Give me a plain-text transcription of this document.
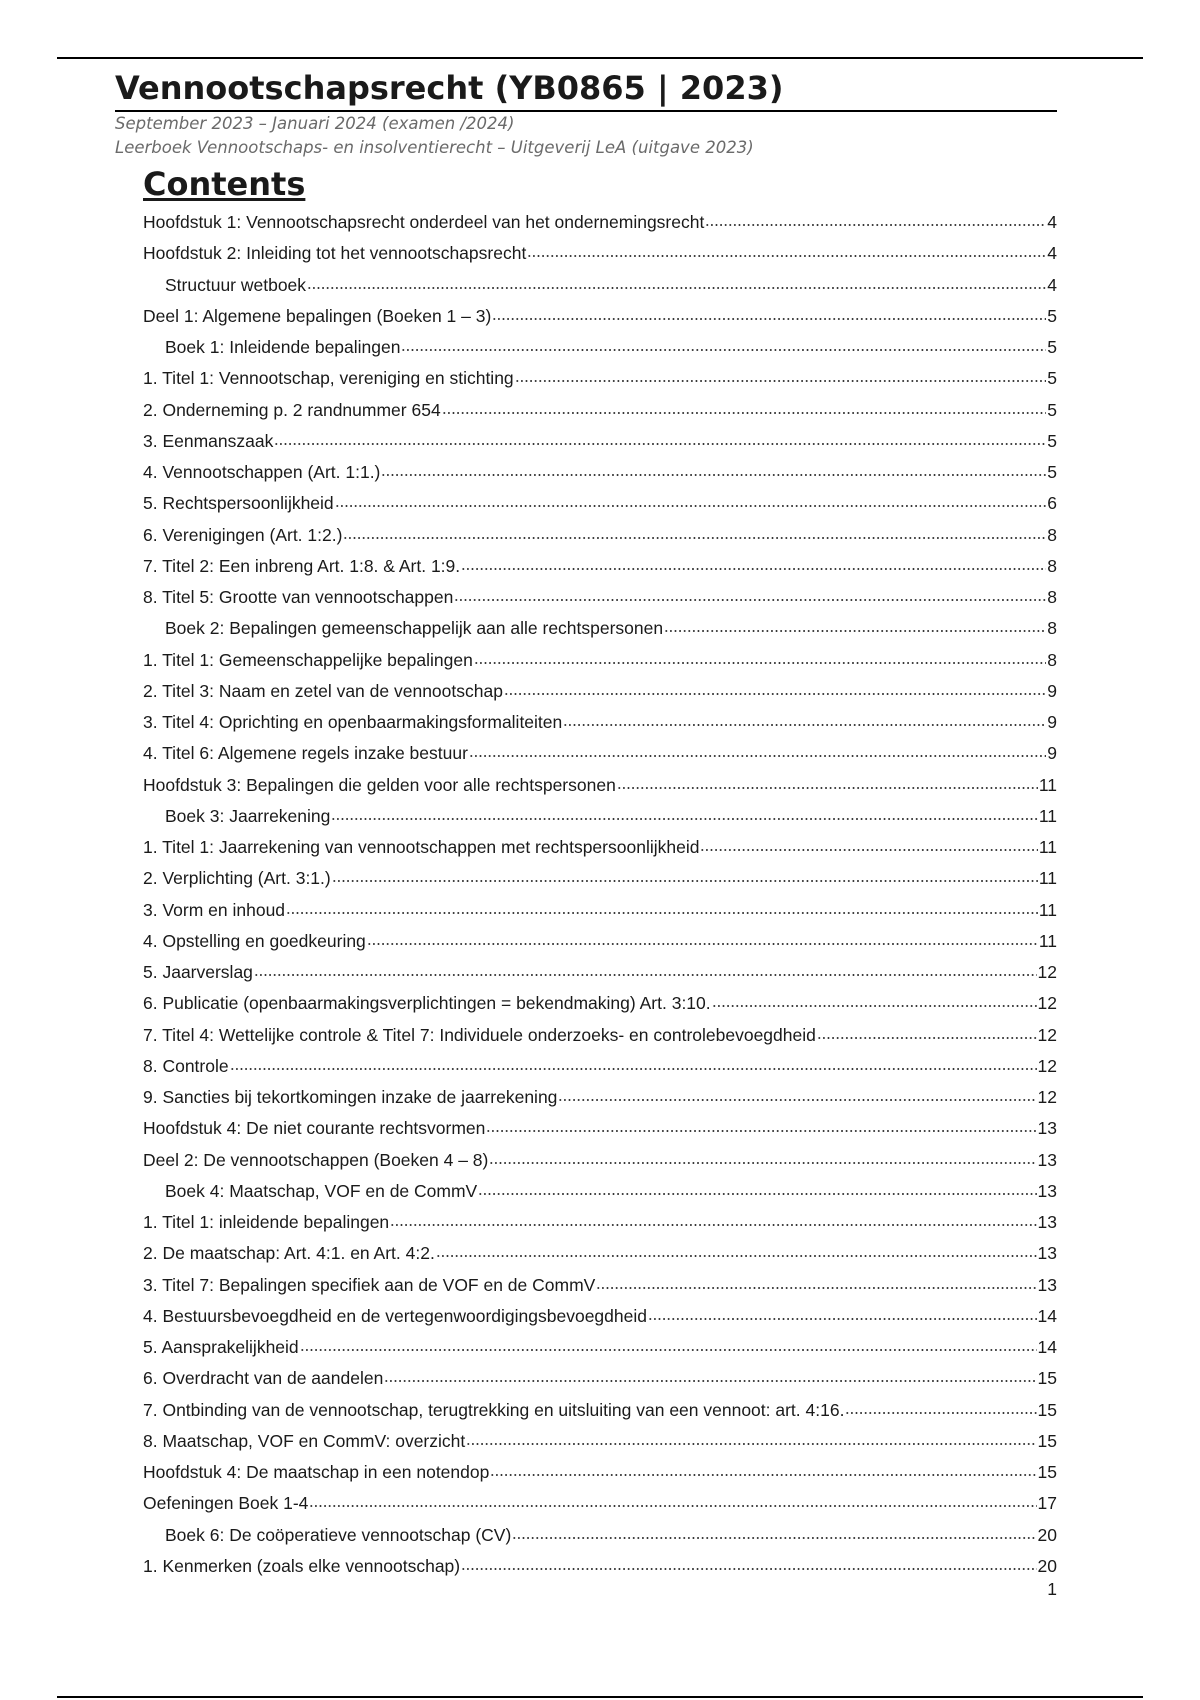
Vennootschapsrecht (YB0865 | 2023)

September 2023 – Januari 2024 (examen /2024)

Leerboek Vennootschaps- en insolventierecht – Uitgeverij LeA (uitgave 2023)

Contents
Hoofdstuk 1: Vennootschapsrecht onderdeel van het ondernemingsrecht	4
Hoofdstuk 2: Inleiding tot het vennootschapsrecht	4
Structuur wetboek	4
Deel 1: Algemene bepalingen (Boeken 1 – 3)	5
Boek 1: Inleidende bepalingen	5
1. Titel 1: Vennootschap, vereniging en stichting	5
2. Onderneming p. 2 randnummer 654	5
3. Eenmanszaak	5
4. Vennootschappen (Art. 1:1.)	5
5. Rechtspersoonlijkheid	6
6. Verenigingen (Art. 1:2.)	8
7. Titel 2: Een inbreng Art. 1:8. & Art. 1:9.	8
8. Titel 5: Grootte van vennootschappen	8
Boek 2: Bepalingen gemeenschappelijk aan alle rechtspersonen	8
1. Titel 1: Gemeenschappelijke bepalingen	8
2. Titel 3: Naam en zetel van de vennootschap	9
3. Titel 4: Oprichting en openbaarmakingsformaliteiten	9
4. Titel 6: Algemene regels inzake bestuur	9
Hoofdstuk 3: Bepalingen die gelden voor alle rechtspersonen	11
Boek 3: Jaarrekening	11
1. Titel 1: Jaarrekening van vennootschappen met rechtspersoonlijkheid	11
2. Verplichting (Art. 3:1.)	11
3. Vorm en inhoud	11
4. Opstelling en goedkeuring	11
5. Jaarverslag	12
6. Publicatie (openbaarmakingsverplichtingen = bekendmaking) Art. 3:10.	12
7. Titel 4: Wettelijke controle & Titel 7: Individuele onderzoeks- en controlebevoegdheid	12
8. Controle	12
9. Sancties bij tekortkomingen inzake de jaarrekening	12
Hoofdstuk 4: De niet courante rechtsvormen	13
Deel 2: De vennootschappen (Boeken 4 – 8)	13
Boek 4: Maatschap, VOF en de CommV	13
1. Titel 1: inleidende bepalingen	13
2. De maatschap: Art. 4:1. en Art. 4:2.	13
3. Titel 7: Bepalingen specifiek aan de VOF en de CommV	13
4. Bestuursbevoegdheid en de vertegenwoordigingsbevoegdheid	14
5. Aansprakelijkheid	14
6. Overdracht van de aandelen	15
7. Ontbinding van de vennootschap, terugtrekking en uitsluiting van een vennoot: art. 4:16.	15
8. Maatschap, VOF en CommV: overzicht	15
Hoofdstuk 4: De maatschap in een notendop	15
Oefeningen Boek 1-4	17
Boek 6: De coöperatieve vennootschap (CV)	20
1. Kenmerken (zoals elke vennootschap)	20
1
